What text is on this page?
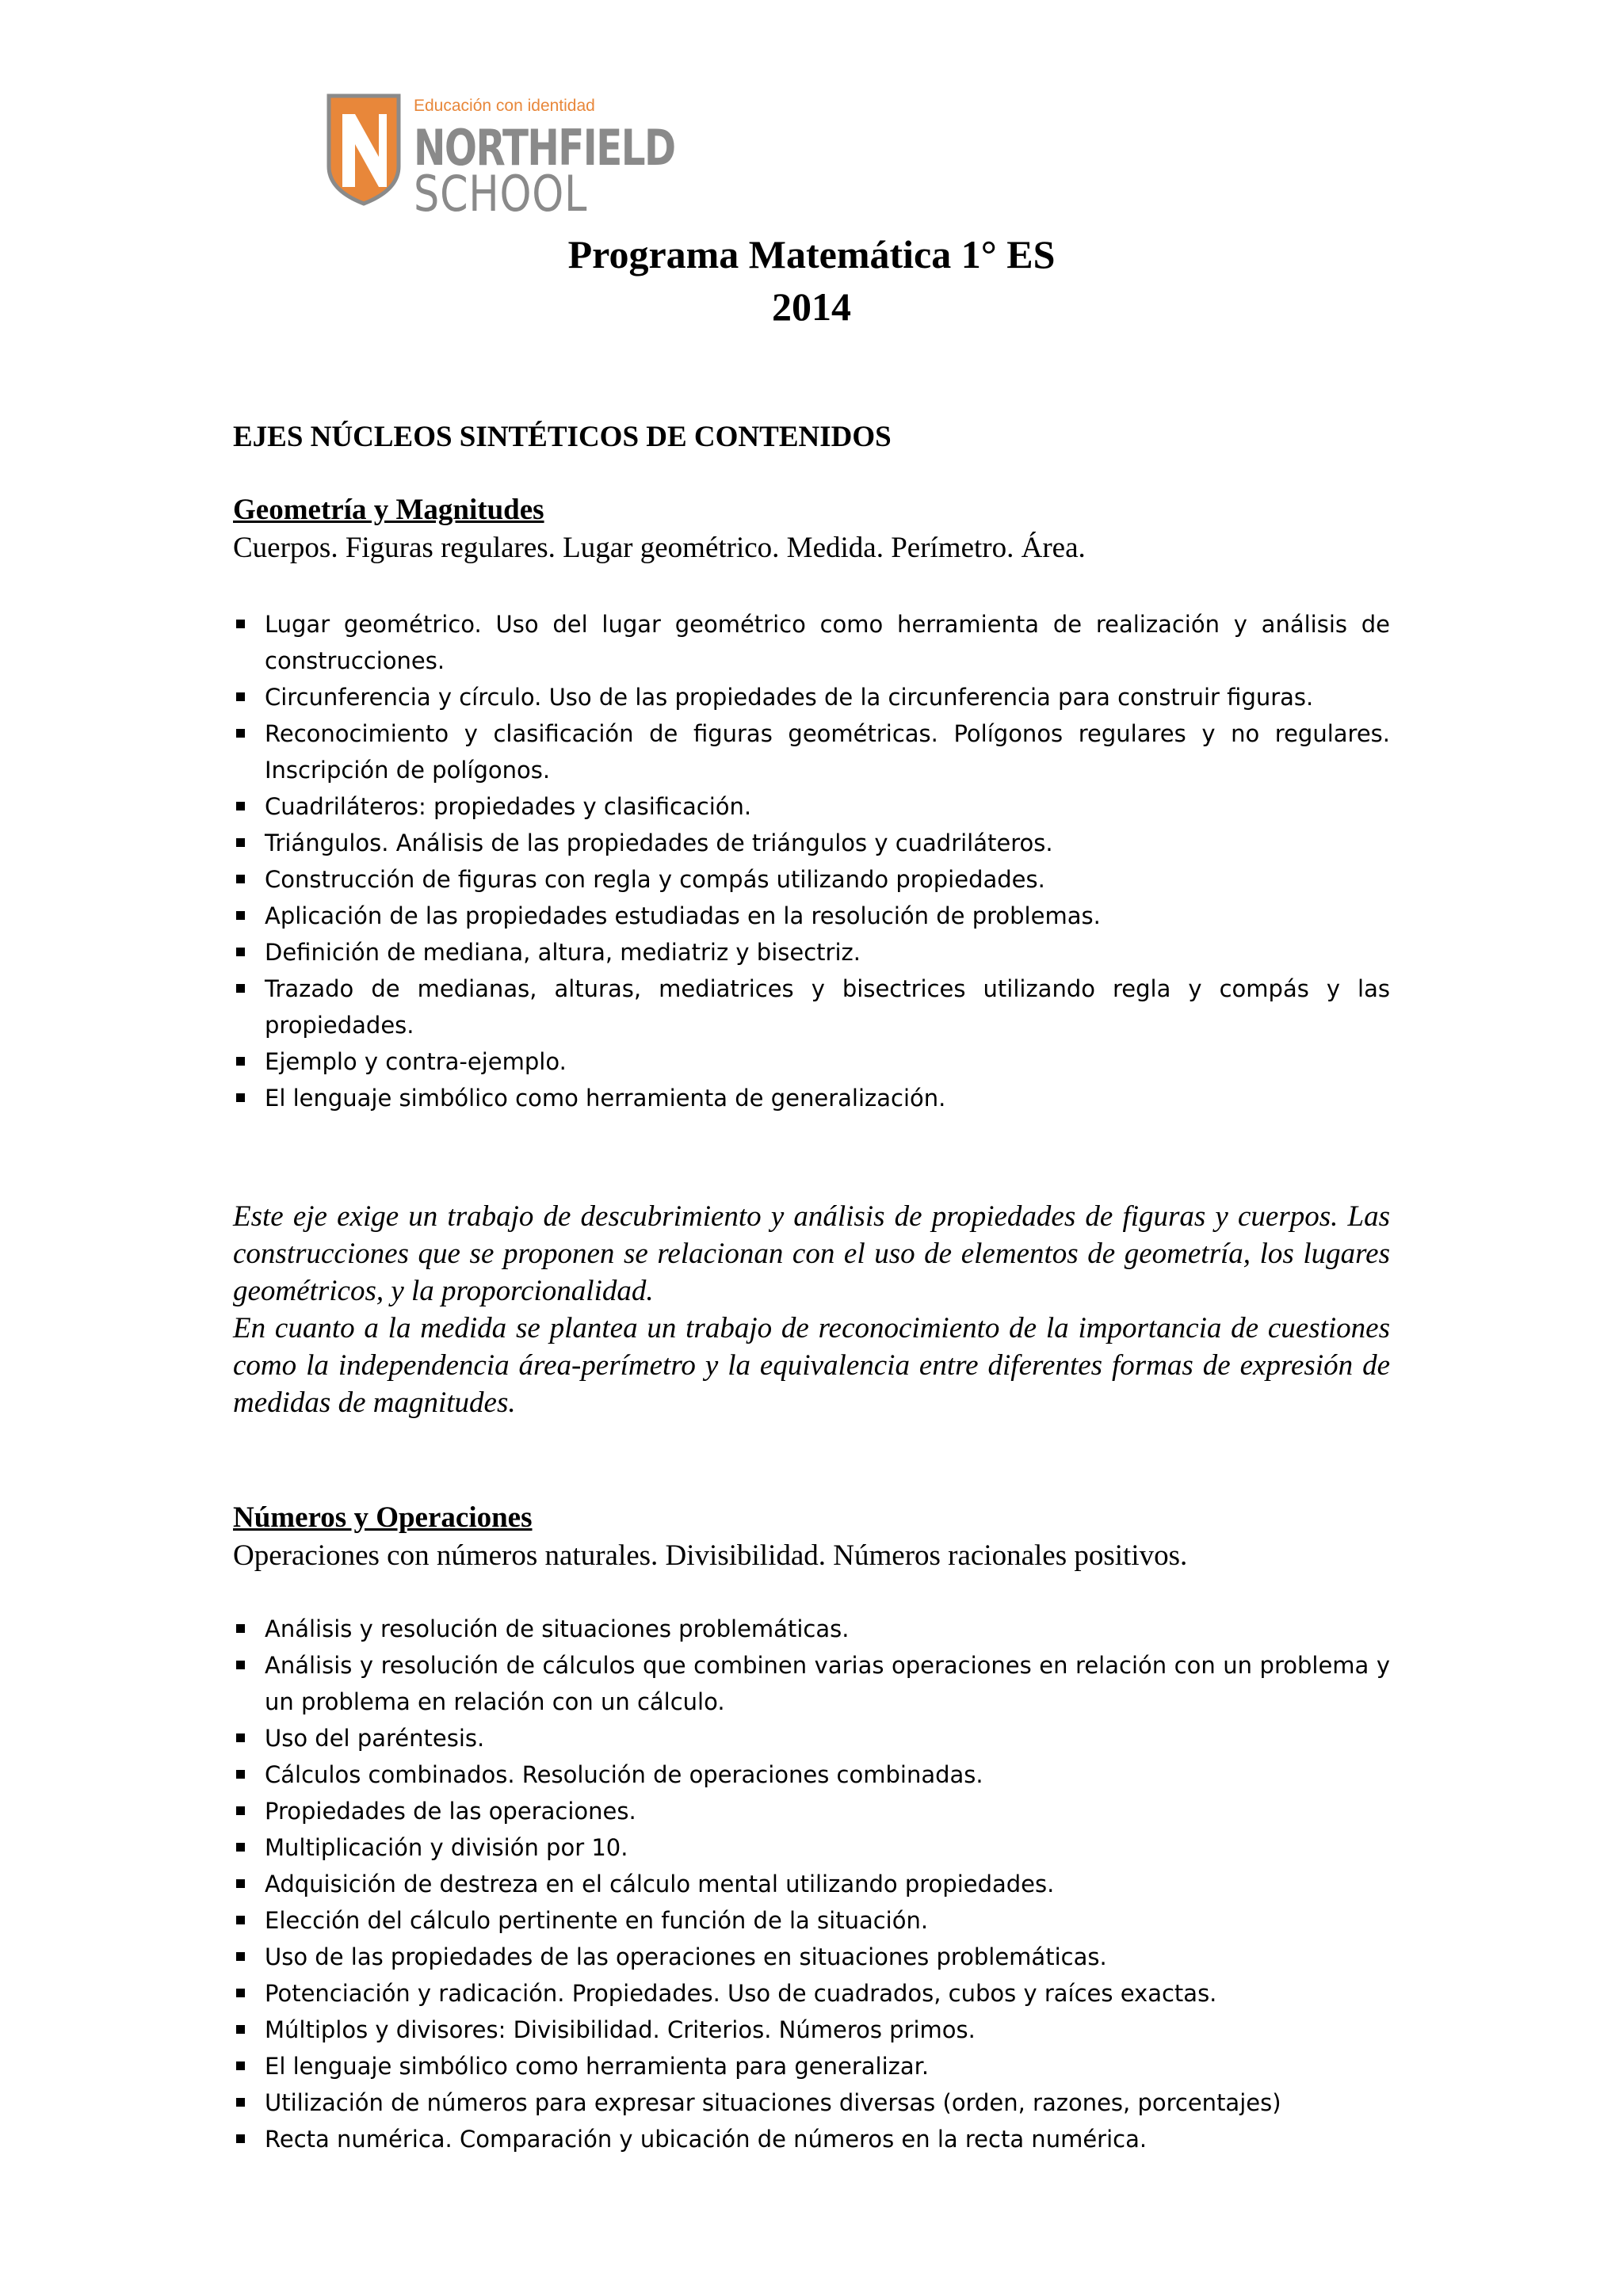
Educación con identidad
NORTHFIELD
SCHOOL
Programa Matemática 1° ES
2014
EJES NÚCLEOS SINTÉTICOS DE CONTENIDOS
Geometría y Magnitudes
Cuerpos. Figuras regulares. Lugar geométrico. Medida. Perímetro. Área.
Lugar geométrico. Uso del lugar geométrico como herramienta de realización y análisis de construcciones.
Circunferencia y círculo. Uso de las propiedades de la circunferencia para construir figuras.
Reconocimiento y clasificación de figuras geométricas. Polígonos regulares y no regulares. Inscripción de polígonos.
Cuadriláteros: propiedades y clasificación.
Triángulos. Análisis de las propiedades de triángulos y cuadriláteros.
Construcción de figuras con regla y compás utilizando propiedades.
Aplicación de las propiedades estudiadas en la resolución de problemas.
Definición de mediana, altura, mediatriz y bisectriz.
Trazado de medianas, alturas, mediatrices y bisectrices utilizando regla y compás y las propiedades.
Ejemplo y contra-ejemplo.
El lenguaje simbólico como herramienta de generalización.

Este eje exige un trabajo de descubrimiento y análisis de propiedades de figuras y cuerpos. Las construcciones que se proponen se relacionan con el uso de elementos de geometría, los lugares geométricos, y la proporcionalidad.

En cuanto a la medida se plantea un trabajo de reconocimiento de la importancia de cuestiones como la independencia área-perímetro y la equivalencia entre diferentes formas de expresión de medidas de magnitudes.

Números y Operaciones
Operaciones con números naturales. Divisibilidad. Números racionales positivos.
Análisis y resolución de situaciones problemáticas.
Análisis y resolución de cálculos que combinen varias operaciones en relación con un problema y un problema en relación con un cálculo.
Uso del paréntesis.
Cálculos combinados. Resolución de operaciones combinadas.
Propiedades de las operaciones.
Multiplicación y división por 10.
Adquisición de destreza en el cálculo mental utilizando propiedades.
Elección del cálculo pertinente en función de la situación.
Uso de las propiedades de las operaciones en situaciones problemáticas.
Potenciación y radicación. Propiedades. Uso de cuadrados, cubos y raíces exactas.
Múltiplos y divisores: Divisibilidad. Criterios. Números primos.
El lenguaje simbólico como herramienta para generalizar.
Utilización de números para expresar situaciones diversas (orden, razones, porcentajes)
Recta numérica. Comparación y ubicación de números en la recta numérica.
